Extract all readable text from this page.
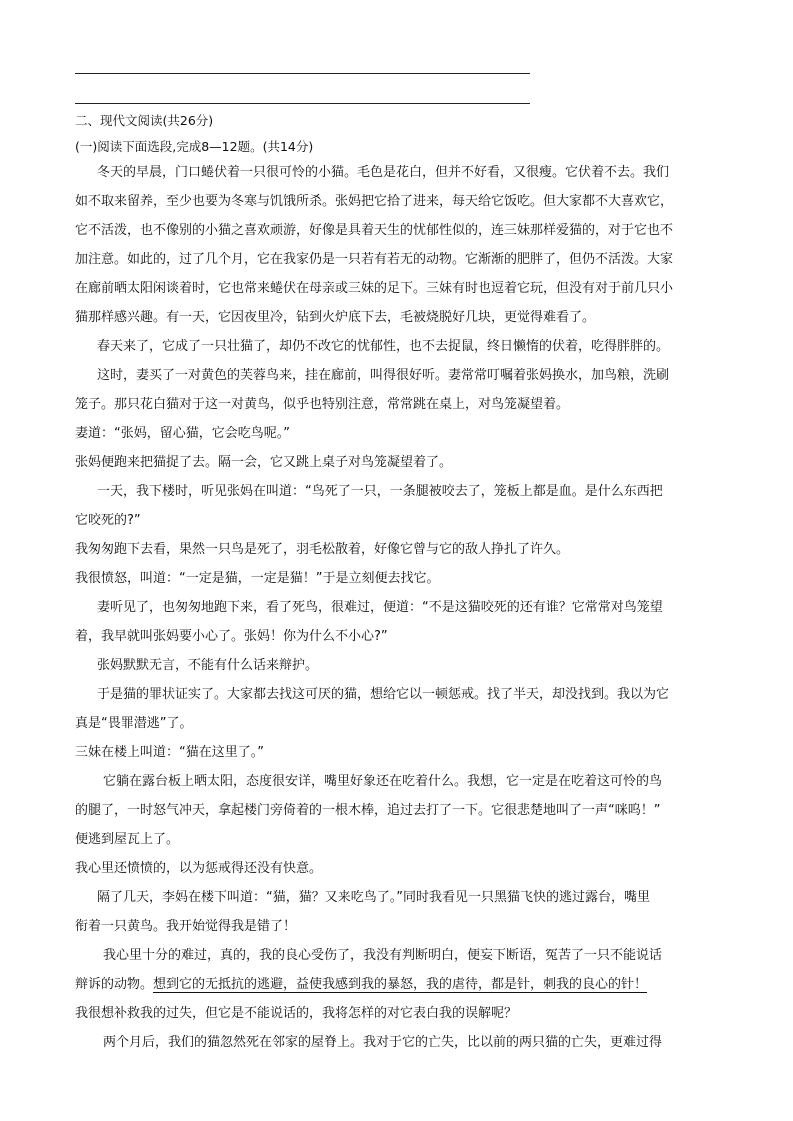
二、现代文阅读(共26分)
(一)阅读下面选段,完成8—12题。(共14分)
冬天的早晨，门口蜷伏着一只很可怜的小猫。毛色是花白，但并不好看，又很瘦。它伏着不去。我们
如不取来留养，至少也要为冬寒与饥饿所杀。张妈把它拾了进来，每天给它饭吃。但大家都不大喜欢它，
它不活泼，也不像别的小猫之喜欢顽游，好像是具着天生的忧郁性似的，连三妹那样爱猫的，对于它也不
加注意。如此的，过了几个月，它在我家仍是一只若有若无的动物。它渐渐的肥胖了，但仍不活泼。大家
在廊前晒太阳闲谈着时，它也常来蜷伏在母亲或三妹的足下。三妹有时也逗着它玩，但没有对于前几只小
猫那样感兴趣。有一天，它因夜里冷，钻到火炉底下去，毛被烧脱好几块，更觉得难看了。
春天来了，它成了一只壮猫了，却仍不改它的忧郁性，也不去捉鼠，终日懒惰的伏着，吃得胖胖的。
这时，妻买了一对黄色的芙蓉鸟来，挂在廊前，叫得很好听。妻常常叮嘱着张妈换水，加鸟粮，洗刷
笼子。那只花白猫对于这一对黄鸟，似乎也特别注意，常常跳在桌上，对鸟笼凝望着。
妻道：“张妈，留心猫，它会吃鸟呢。”
张妈便跑来把猫捉了去。隔一会，它又跳上桌子对鸟笼凝望着了。
一天，我下楼时，听见张妈在叫道：“鸟死了一只，一条腿被咬去了，笼板上都是血。是什么东西把
它咬死的?”
我匆匆跑下去看，果然一只鸟是死了，羽毛松散着，好像它曾与它的敌人挣扎了许久。
我很愤怒，叫道：“一定是猫，一定是猫！”于是立刻便去找它。
妻听见了，也匆匆地跑下来，看了死鸟，很难过，便道：“不是这猫咬死的还有谁？它常常对鸟笼望
着，我早就叫张妈要小心了。张妈！你为什么不小心?”
张妈默默无言，不能有什么话来辩护。
于是猫的罪状证实了。大家都去找这可厌的猫，想给它以一顿惩戒。找了半天，却没找到。我以为它
真是“畏罪潜逃”了。
三妹在楼上叫道：“猫在这里了。”
它躺在露台板上晒太阳，态度很安详，嘴里好象还在吃着什么。我想，它一定是在吃着这可怜的鸟
的腿了，一时怒气冲天，拿起楼门旁倚着的一根木棒，追过去打了一下。它很悲楚地叫了一声“咪呜！”
便逃到屋瓦上了。
我心里还愤愤的，以为惩戒得还没有快意。
隔了几天，李妈在楼下叫道：“猫，猫？又来吃鸟了。”同时我看见一只黑猫飞快的逃过露台，嘴里
衔着一只黄鸟。我开始觉得我是错了！
我心里十分的难过，真的，我的良心受伤了，我没有判断明白，便妄下断语，冤苦了一只不能说话
辩诉的动物。想到它的无抵抗的逃避，益使我感到我的暴怒，我的虐待，都是针，刺我的良心的针！
我很想补救我的过失，但它是不能说话的，我将怎样的对它表白我的误解呢？
两个月后，我们的猫忽然死在邻家的屋脊上。我对于它的亡失，比以前的两只猫的亡失，更难过得
